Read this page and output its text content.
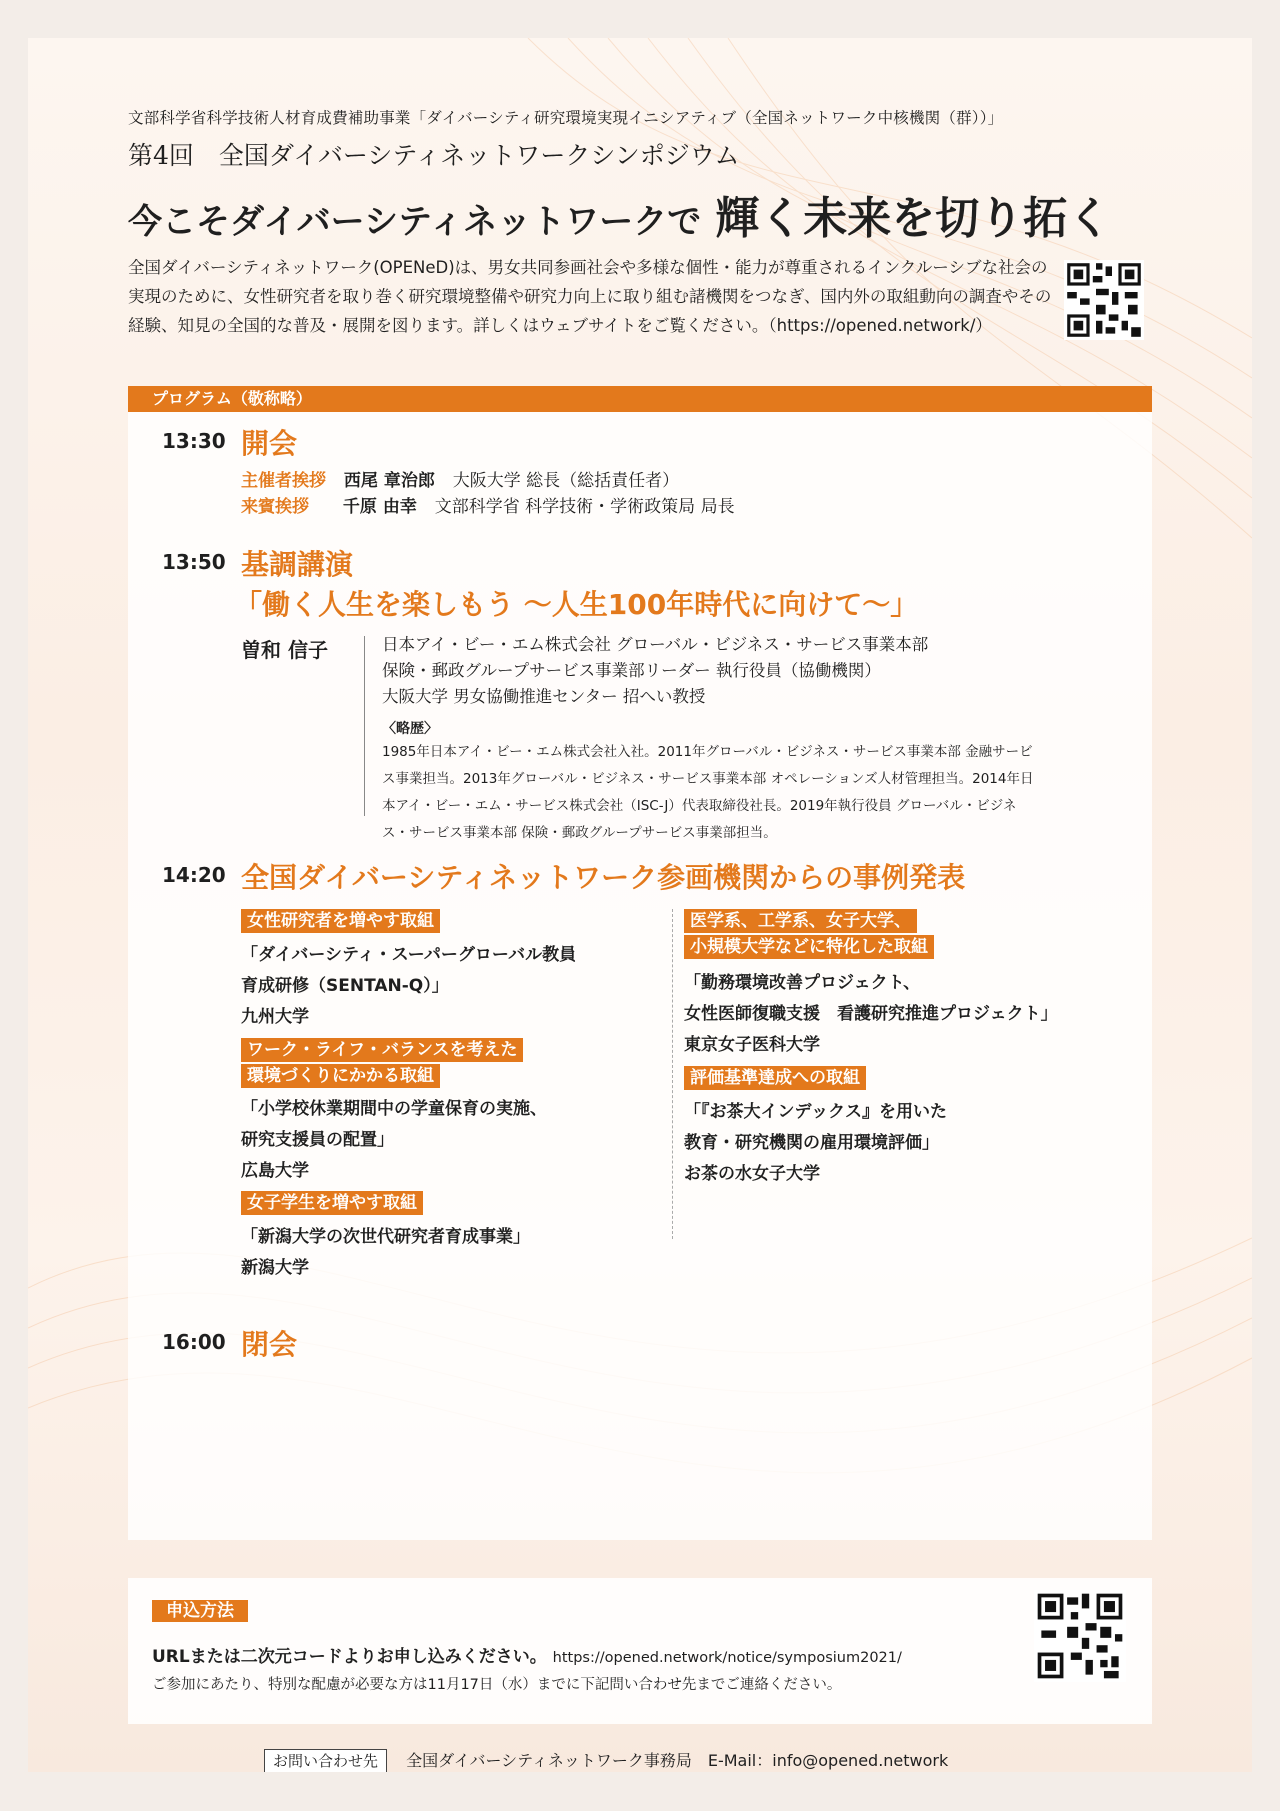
文部科学省科学技術人材育成費補助事業「ダイバーシティ研究環境実現イニシアティブ（全国ネットワーク中核機関（群））」
第4回　全国ダイバーシティネットワークシンポジウム
今こそダイバーシティネットワークで 輝く未来を切り拓く
全国ダイバーシティネットワーク(OPENeD)は、男女共同参画社会や多様な個性・能力が尊重されるインクルーシブな社会の実現のために、女性研究者を取り巻く研究環境整備や研究力向上に取り組む諸機関をつなぎ、国内外の取組動向の調査やその経験、知見の全国的な普及・展開を図ります。詳しくはウェブサイトをご覧ください。（https://opened.network/）
プログラム（敬称略）
13:30 開会
主催者挨拶 西尾 章治郎 大阪大学 総長（総括責任者）
来賓挨拶 千原 由幸 文部科学省 科学技術・学術政策局 局長
13:50 基調講演
「働く人生を楽しもう ～人生100年時代に向けて～」
曽和 信子	日本アイ・ビー・エム株式会社 グローバル・ビジネス・サービス事業本部
保険・郵政グループサービス事業部リーダー 執行役員（協働機関）
大阪大学 男女協働推進センター 招へい教授
〈略歴〉
1985年日本アイ・ビー・エム株式会社入社。2011年グローバル・ビジネス・サービス事業本部 金融サービス事業担当。2013年グローバル・ビジネス・サービス事業本部 オペレーションズ人材管理担当。2014年日本アイ・ビー・エム・サービス株式会社（ISC-J）代表取締役社長。2019年執行役員 グローバル・ビジネス・サービス事業本部 保険・郵政グループサービス事業部担当。
14:20 全国ダイバーシティネットワーク参画機関からの事例発表
女性研究者を増やす取組
「ダイバーシティ・スーパーグローバル教員
育成研修（SENTAN-Q）」
九州大学
ワーク・ライフ・バランスを考えた
環境づくりにかかる取組
「小学校休業期間中の学童保育の実施、
研究支援員の配置」
広島大学
女子学生を増やす取組
「新潟大学の次世代研究者育成事業」
新潟大学
医学系、工学系、女子大学、
小規模大学などに特化した取組
「勤務環境改善プロジェクト、
女性医師復職支援　看護研究推進プロジェクト」
東京女子医科大学
評価基準達成への取組
「『お茶大インデックス』を用いた
教育・研究機関の雇用環境評価」
お茶の水女子大学
16:00 閉会
申込方法
URLまたは二次元コードよりお申し込みください。 https://opened.network/notice/symposium2021/
ご参加にあたり、特別な配慮が必要な方は11月17日（水）までに下記問い合わせ先までご連絡ください。
お問い合わせ先 全国ダイバーシティネットワーク事務局　E-Mail：info@opened.network
